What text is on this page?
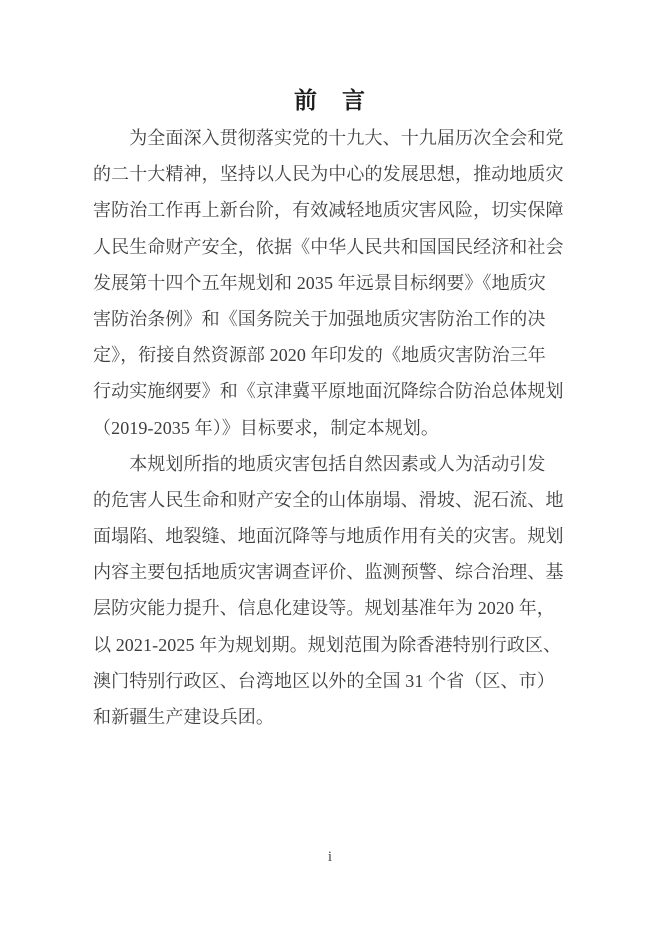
前　言
　　为全面深入贯彻落实党的十九大、十九届历次全会和党
的二十大精神，坚持以人民为中心的发展思想，推动地质灾
害防治工作再上新台阶，有效减轻地质灾害风险，切实保障
人民生命财产安全，依据《中华人民共和国国民经济和社会
发展第十四个五年规划和 2035 年远景目标纲要》《地质灾
害防治条例》和《国务院关于加强地质灾害防治工作的决
定》，衔接自然资源部 2020 年印发的《地质灾害防治三年
行动实施纲要》和《京津冀平原地面沉降综合防治总体规划
（2019-2035 年）》目标要求，制定本规划。
　　本规划所指的地质灾害包括自然因素或人为活动引发
的危害人民生命和财产安全的山体崩塌、滑坡、泥石流、地
面塌陷、地裂缝、地面沉降等与地质作用有关的灾害。规划
内容主要包括地质灾害调查评价、监测预警、综合治理、基
层防灾能力提升、信息化建设等。规划基准年为 2020 年，
以 2021-2025 年为规划期。规划范围为除香港特别行政区、
澳门特别行政区、台湾地区以外的全国 31 个省（区、市）
和新疆生产建设兵团。
i
